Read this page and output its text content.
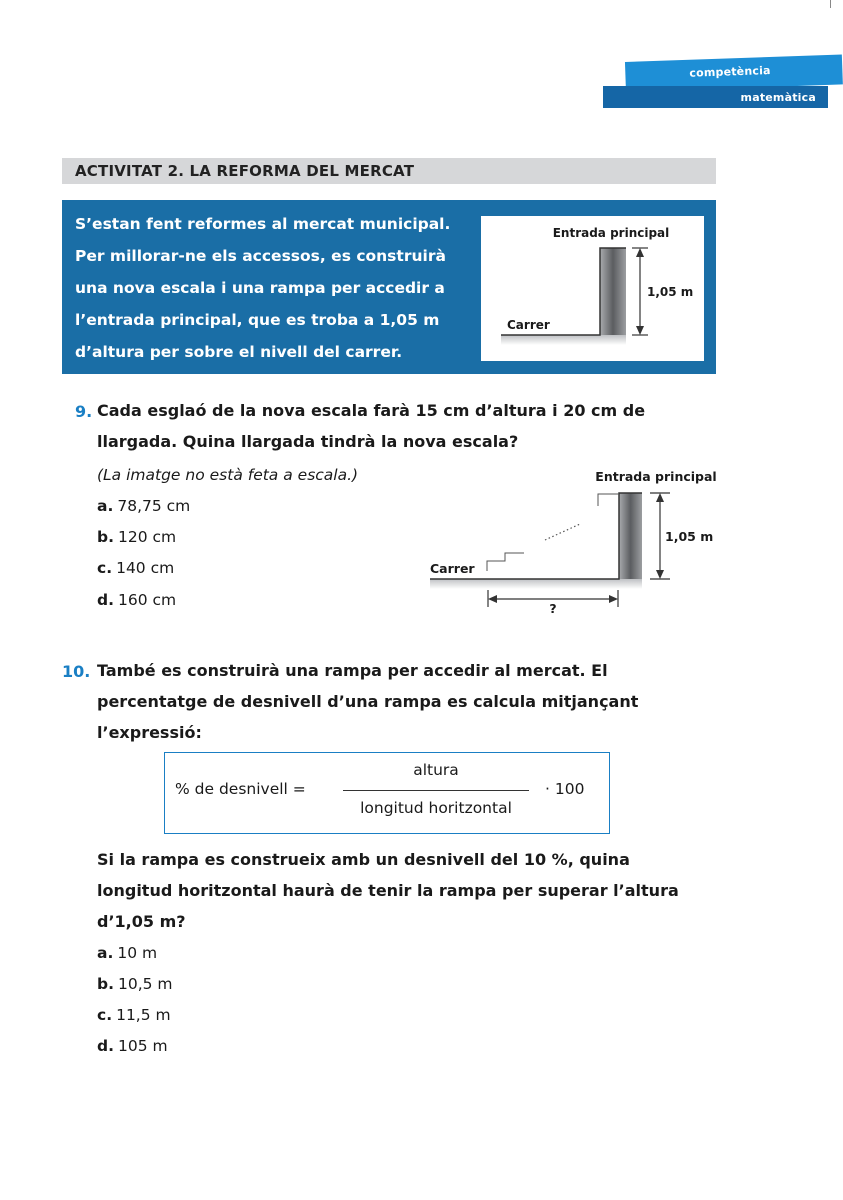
competència
matemàtica
ACTIVITAT 2. LA REFORMA DEL MERCAT
S’estan fent reformes al mercat municipal.
Per millorar-ne els accessos, es construirà
una nova escala i una rampa per accedir a
l’entrada principal, que es troba a 1,05 m
d’altura per sobre el nivell del carrer.
Entrada principal
Carrer
1,05 m
9. Cada esglaó de la nova escala farà 15 cm d’altura i 20 cm de
llargada. Quina llargada tindrà la nova escala?
(La imatge no està feta a escala.)
a. 78,75 cm
b. 120 cm
c. 140 cm
d. 160 cm
Entrada principal
Carrer
1,05 m
?
10. També es construirà una rampa per accedir al mercat. El
percentatge de desnivell d’una rampa es calcula mitjançant
l’expressió:
% de desnivell =
altura
longitud horitzontal
· 100
Si la rampa es construeix amb un desnivell del 10 %, quina
longitud horitzontal haurà de tenir la rampa per superar l’altura
d’1,05 m?
a. 10 m
b. 10,5 m
c. 11,5 m
d. 105 m
